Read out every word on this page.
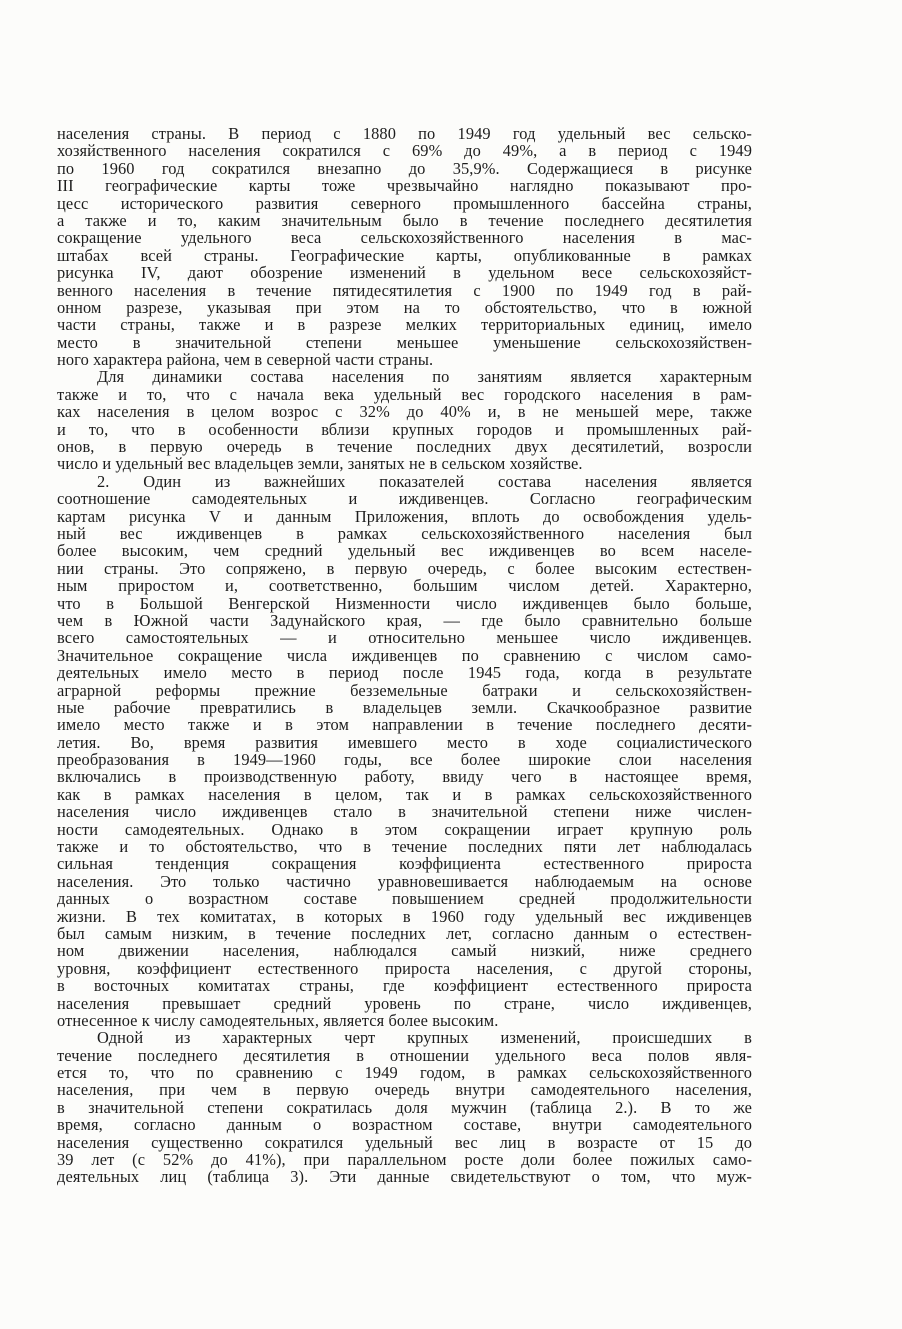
населения страны. В период с 1880 по 1949 год удельный вес сельско-
хозяйственного населения сократился с 69% до 49%, а в период с 1949
по 1960 год сократился внезапно до 35,9%. Содержащиеся в рисунке
III географические карты тоже чрезвычайно наглядно показывают про-
цесс исторического развития северного промышленного бассейна страны,
а также и то, каким значительным было в течение последнего десятилетия
сокращение удельного веса сельскохозяйственного населения в мас-
штабах всей страны. Географические карты, опубликованные в рамках
рисунка IV, дают обозрение изменений в удельном весе сельскохозяйст-
венного населения в течение пятидесятилетия с 1900 по 1949 год в рай-
онном разрезе, указывая при этом на то обстоятельство, что в южной
части страны, также и в разрезе мелких территориальных единиц, имело
место в значительной степени меньшее уменьшение сельскохозяйствен-
ного характера района, чем в северной части страны.
Для динамики состава населения по занятиям является характерным
также и то, что с начала века удельный вес городского населения в рам-
ках населения в целом возрос с 32% до 40% и, в не меньшей мере, также
и то, что в особенности вблизи крупных городов и промышленных рай-
онов, в первую очередь в течение последних двух десятилетий, возросли
число и удельный вес владельцев земли, занятых не в сельском хозяйстве.
2. Один из важнейших показателей состава населения является
соотношение самодеятельных и иждивенцев. Согласно географическим
картам рисунка V и данным Приложения, вплоть до освобождения удель-
ный вес иждивенцев в рамках сельскохозяйственного населения был
более высоким, чем средний удельный вес иждивенцев во всем населе-
нии страны. Это сопряжено, в первую очередь, с более высоким естествен-
ным приростом и, соответственно, большим числом детей. Характерно,
что в Большой Венгерской Низменности число иждивенцев было больше,
чем в Южной части Задунайского края, — где было сравнительно больше
всего самостоятельных — и относительно меньшее число иждивенцев.
Значительное сокращение числа иждивенцев по сравнению с числом само-
деятельных имело место в период после 1945 года, когда в результате
аграрной реформы прежние безземельные батраки и сельскохозяйствен-
ные рабочие превратились в владельцев земли. Скачкообразное развитие
имело место также и в этом направлении в течение последнего десяти-
летия. Во, время развития имевшего место в ходе социалистического
преобразования в 1949—1960 годы, все более широкие слои населения
включались в производственную работу, ввиду чего в настоящее время,
как в рамках населения в целом, так и в рамках сельскохозяйственного
населения число иждивенцев стало в значительной степени ниже числен-
ности самодеятельных. Однако в этом сокращении играет крупную роль
также и то обстоятельство, что в течение последних пяти лет наблюдалась
сильная тенденция сокращения коэффициента естественного прироста
населения. Это только частично уравновешивается наблюдаемым на основе
данных о возрастном составе повышением средней продолжительности
жизни. В тех комитатах, в которых в 1960 году удельный вес иждивенцев
был самым низким, в течение последних лет, согласно данным о естествен-
ном движении населения, наблюдался самый низкий, ниже среднего
уровня, коэффициент естественного прироста населения, с другой стороны,
в восточных комитатах страны, где коэффициент естественного прироста
населения превышает средний уровень по стране, число иждивенцев,
отнесенное к числу самодеятельных, является более высоким.
Одной из характерных черт крупных изменений, происшедших в
течение последнего десятилетия в отношении удельного веса полов явля-
ется то, что по сравнению с 1949 годом, в рамках сельскохозяйственного
населения, при чем в первую очередь внутри самодеятельного населения,
в значительной степени сократилась доля мужчин (таблица 2.). В то же
время, согласно данным о возрастном составе, внутри самодеятельного
населения существенно сократился удельный вес лиц в возрасте от 15 до
39 лет (с 52% до 41%), при параллельном росте доли более пожилых само-
деятельных лиц (таблица 3). Эти данные свидетельствуют о том, что муж-
